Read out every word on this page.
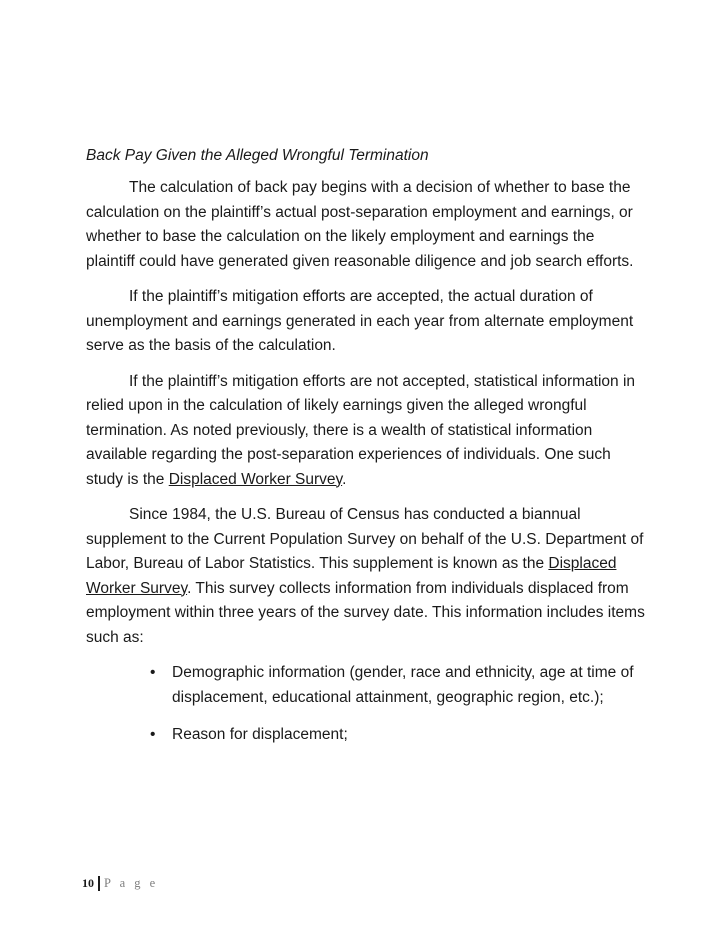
Back Pay Given the Alleged Wrongful Termination

The calculation of back pay begins with a decision of whether to base the calculation on the plaintiff’s actual post-separation employment and earnings, or whether to base the calculation on the likely employment and earnings the plaintiff could have generated given reasonable diligence and job search efforts.

If the plaintiff’s mitigation efforts are accepted, the actual duration of unemployment and earnings generated in each year from alternate employment serve as the basis of the calculation.

If the plaintiff’s mitigation efforts are not accepted, statistical information in relied upon in the calculation of likely earnings given the alleged wrongful termination. As noted previously, there is a wealth of statistical information available regarding the post-separation experiences of individuals. One such study is the Displaced Worker Survey.

Since 1984, the U.S. Bureau of Census has conducted a biannual supplement to the Current Population Survey on behalf of the U.S. Department of Labor, Bureau of Labor Statistics. This supplement is known as the Displaced Worker Survey. This survey collects information from individuals displaced from employment within three years of the survey date. This information includes items such as:

• Demographic information (gender, race and ethnicity, age at time of displacement, educational attainment, geographic region, etc.);
• Reason for displacement;
10 P a g e
